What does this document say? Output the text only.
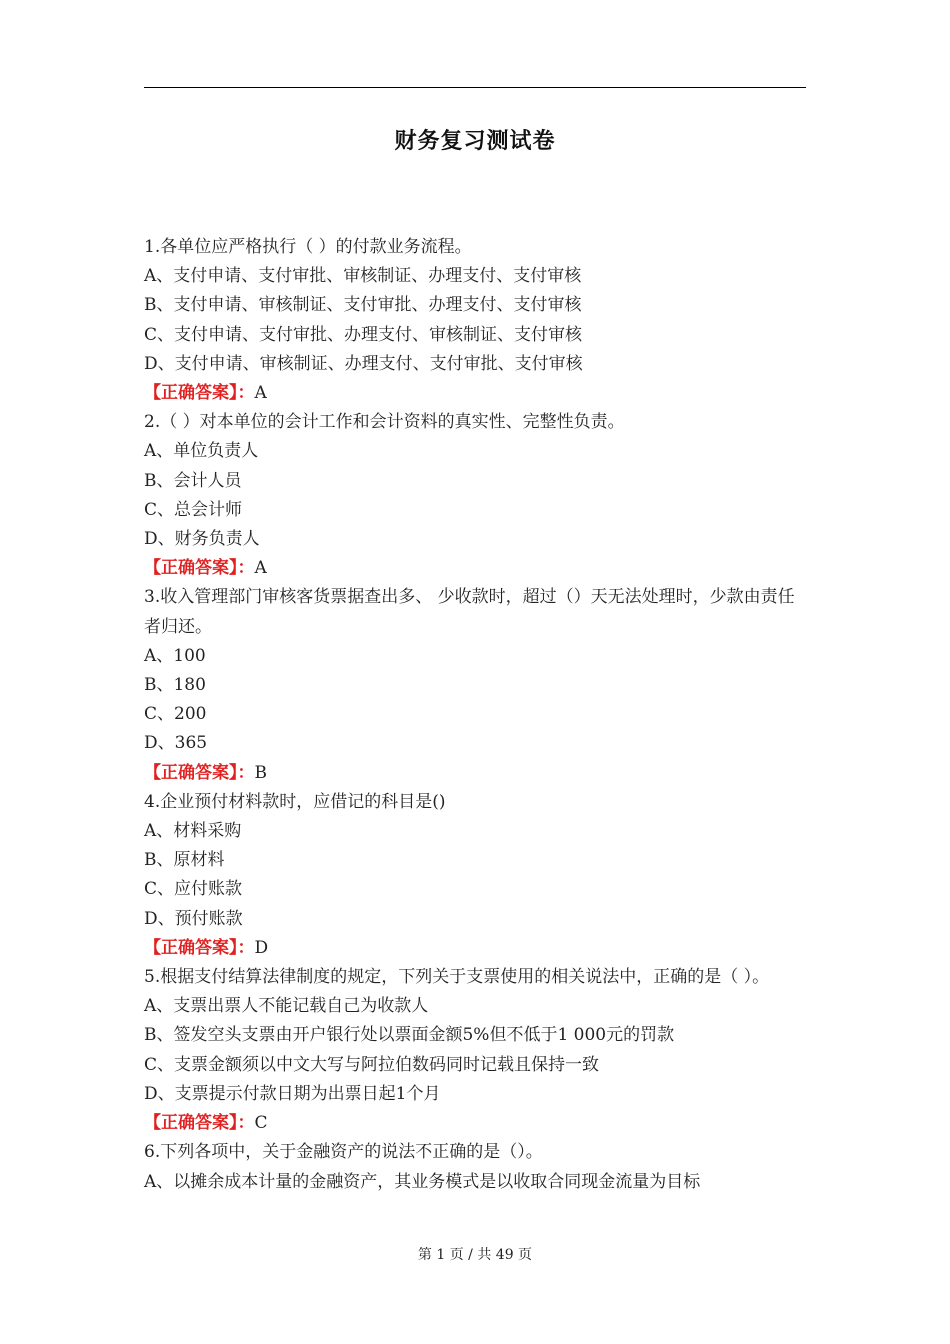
财务复习测试卷
1.各单位应严格执行（ ）的付款业务流程。
A、支付申请、支付审批、审核制证、办理支付、支付审核
B、支付申请、审核制证、支付审批、办理支付、支付审核
C、支付申请、支付审批、办理支付、审核制证、支付审核
D、支付申请、审核制证、办理支付、支付审批、支付审核
【正确答案】：A
2.（ ）对本单位的会计工作和会计资料的真实性、完整性负责。
A、单位负责人
B、会计人员
C、总会计师
D、财务负责人
【正确答案】：A
3.收入管理部门审核客货票据查出多、 少收款时，超过（）天无法处理时，少款由责任者归还。
A、100
B、180
C、200
D、365
【正确答案】：B
4.企业预付材料款时，应借记的科目是()
A、材料采购
B、原材料
C、应付账款
D、预付账款
【正确答案】：D
5.根据支付结算法律制度的规定，下列关于支票使用的相关说法中，正确的是（ ）。
A、支票出票人不能记载自己为收款人
B、签发空头支票由开户银行处以票面金额5%但不低于1 000元的罚款
C、支票金额须以中文大写与阿拉伯数码同时记载且保持一致
D、支票提示付款日期为出票日起1个月
【正确答案】：C
6.下列各项中，关于金融资产的说法不正确的是（）。
A、以摊余成本计量的金融资产，其业务模式是以收取合同现金流量为目标
第 1 页 / 共 49 页
